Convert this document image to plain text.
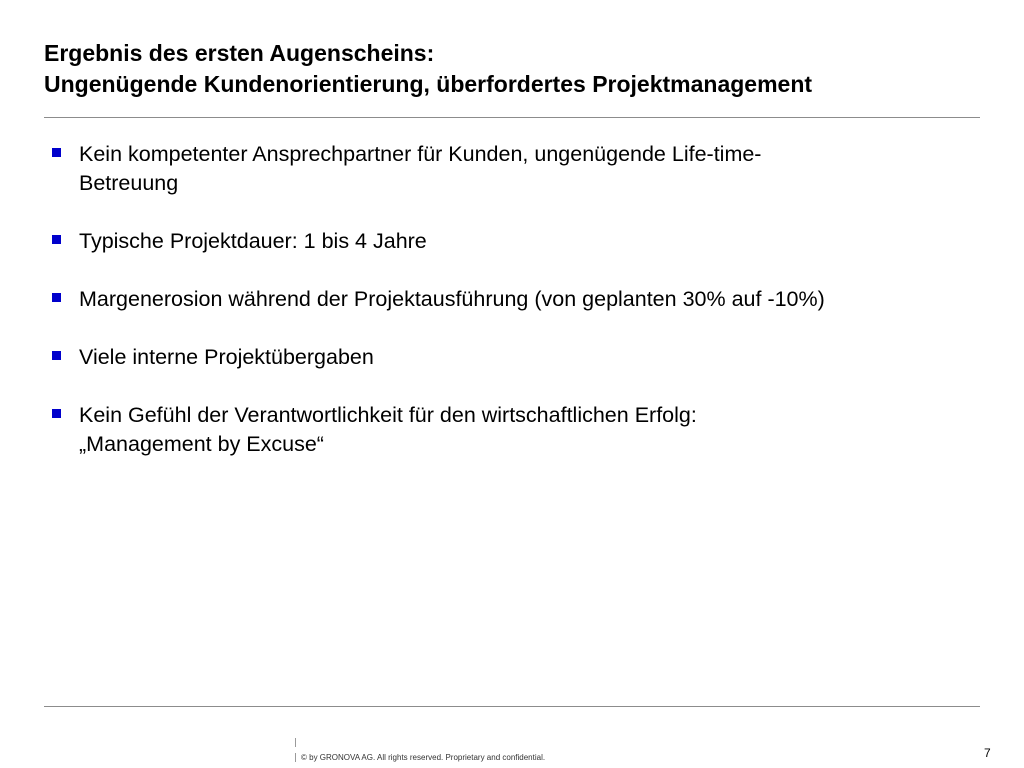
Ergebnis des ersten Augenscheins:
Ungenügende Kundenorientierung, überfordertes Projektmanagement
Kein kompetenter Ansprechpartner für Kunden, ungenügende Life-time-
Betreuung
Typische Projektdauer: 1 bis 4 Jahre
Margenerosion während der Projektausführung (von geplanten 30% auf -10%)
Viele interne Projektübergaben
Kein Gefühl der Verantwortlichkeit für den wirtschaftlichen Erfolg:
„Management by Excuse“
© by GRONOVA AG. All rights reserved. Proprietary and confidential.	7
